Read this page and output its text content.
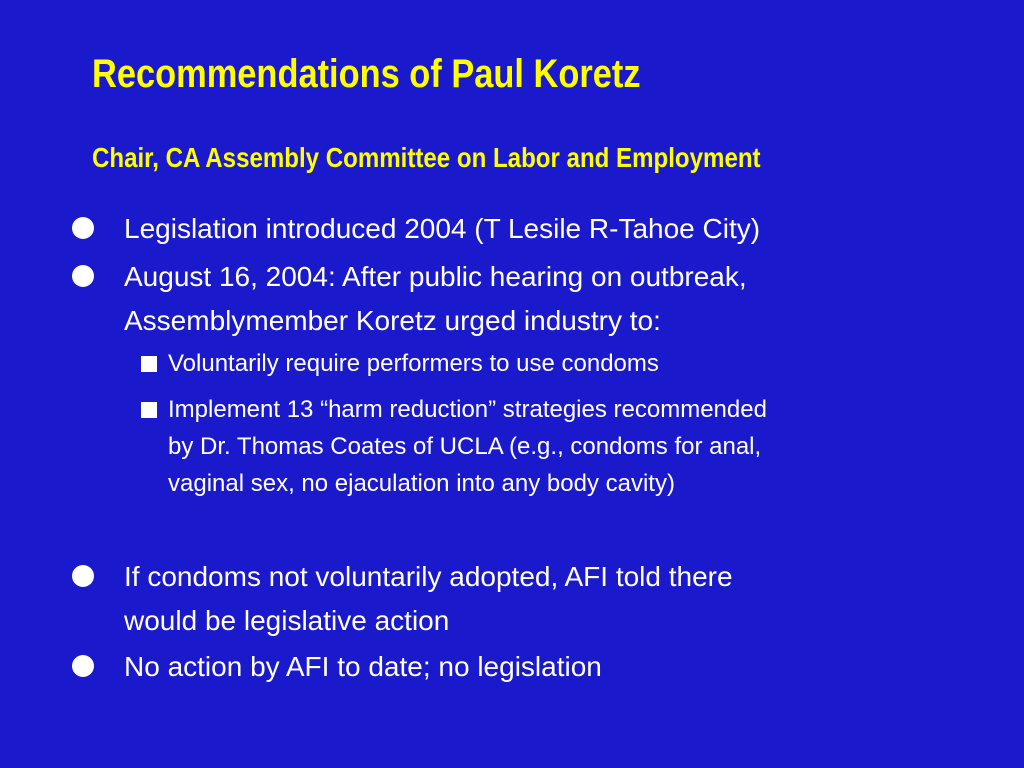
Recommendations of Paul Koretz
Chair, CA Assembly Committee on Labor and Employment
Legislation introduced 2004 (T Lesile R-Tahoe City)
August 16, 2004: After public hearing on outbreak,
Assemblymember Koretz urged industry to:
Voluntarily require performers to use condoms
Implement 13 “harm reduction” strategies recommended
by Dr. Thomas Coates of UCLA (e.g., condoms for anal,
vaginal sex, no ejaculation into any body cavity)
If condoms not voluntarily adopted, AFI told there
would be legislative action
No action by AFI to date; no legislation
